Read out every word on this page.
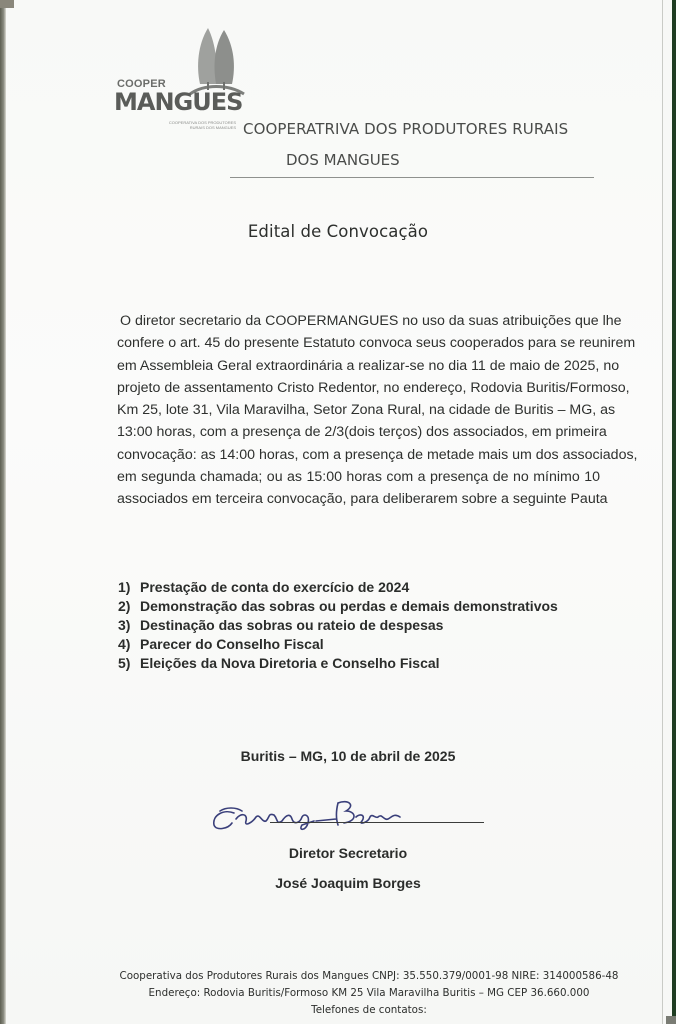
COOPER
MANGUES
COOPERATIVA DOS PRODUTORES
RURAIS DOS MANGUES COOPERATRIVA DOS PRODUTORES RURAIS
DOS MANGUES
Edital de Convocação
O diretor secretario da COOPERMANGUES no uso da suas atribuições que lhe
confere o art. 45 do presente Estatuto convoca seus cooperados para se reunirem
em Assembleia Geral extraordinária a realizar-se no dia 11 de maio de 2025, no
projeto de assentamento Cristo Redentor, no endereço, Rodovia Buritis/Formoso,
Km 25, lote 31, Vila Maravilha, Setor Zona Rural, na cidade de Buritis – MG, as
13:00 horas, com a presença de 2/3(dois terços) dos associados, em primeira
convocação: as 14:00 horas, com a presença de metade mais um dos associados,
em segunda chamada; ou as 15:00 horas com a presença de no mínimo 10
associados em terceira convocação, para deliberarem sobre a seguinte Pauta
1) Prestação de conta do exercício de 2024
2) Demonstração das sobras ou perdas e demais demonstrativos
3) Destinação das sobras ou rateio de despesas
4) Parecer do Conselho Fiscal
5) Eleições da Nova Diretoria e Conselho Fiscal
Buritis – MG, 10 de abril de 2025
Diretor Secretario
José Joaquim Borges
Cooperativa dos Produtores Rurais dos Mangues CNPJ: 35.550.379/0001-98 NIRE: 314000586-48
Endereço: Rodovia Buritis/Formoso KM 25 Vila Maravilha Buritis – MG CEP 36.660.000
Telefones de contatos:
